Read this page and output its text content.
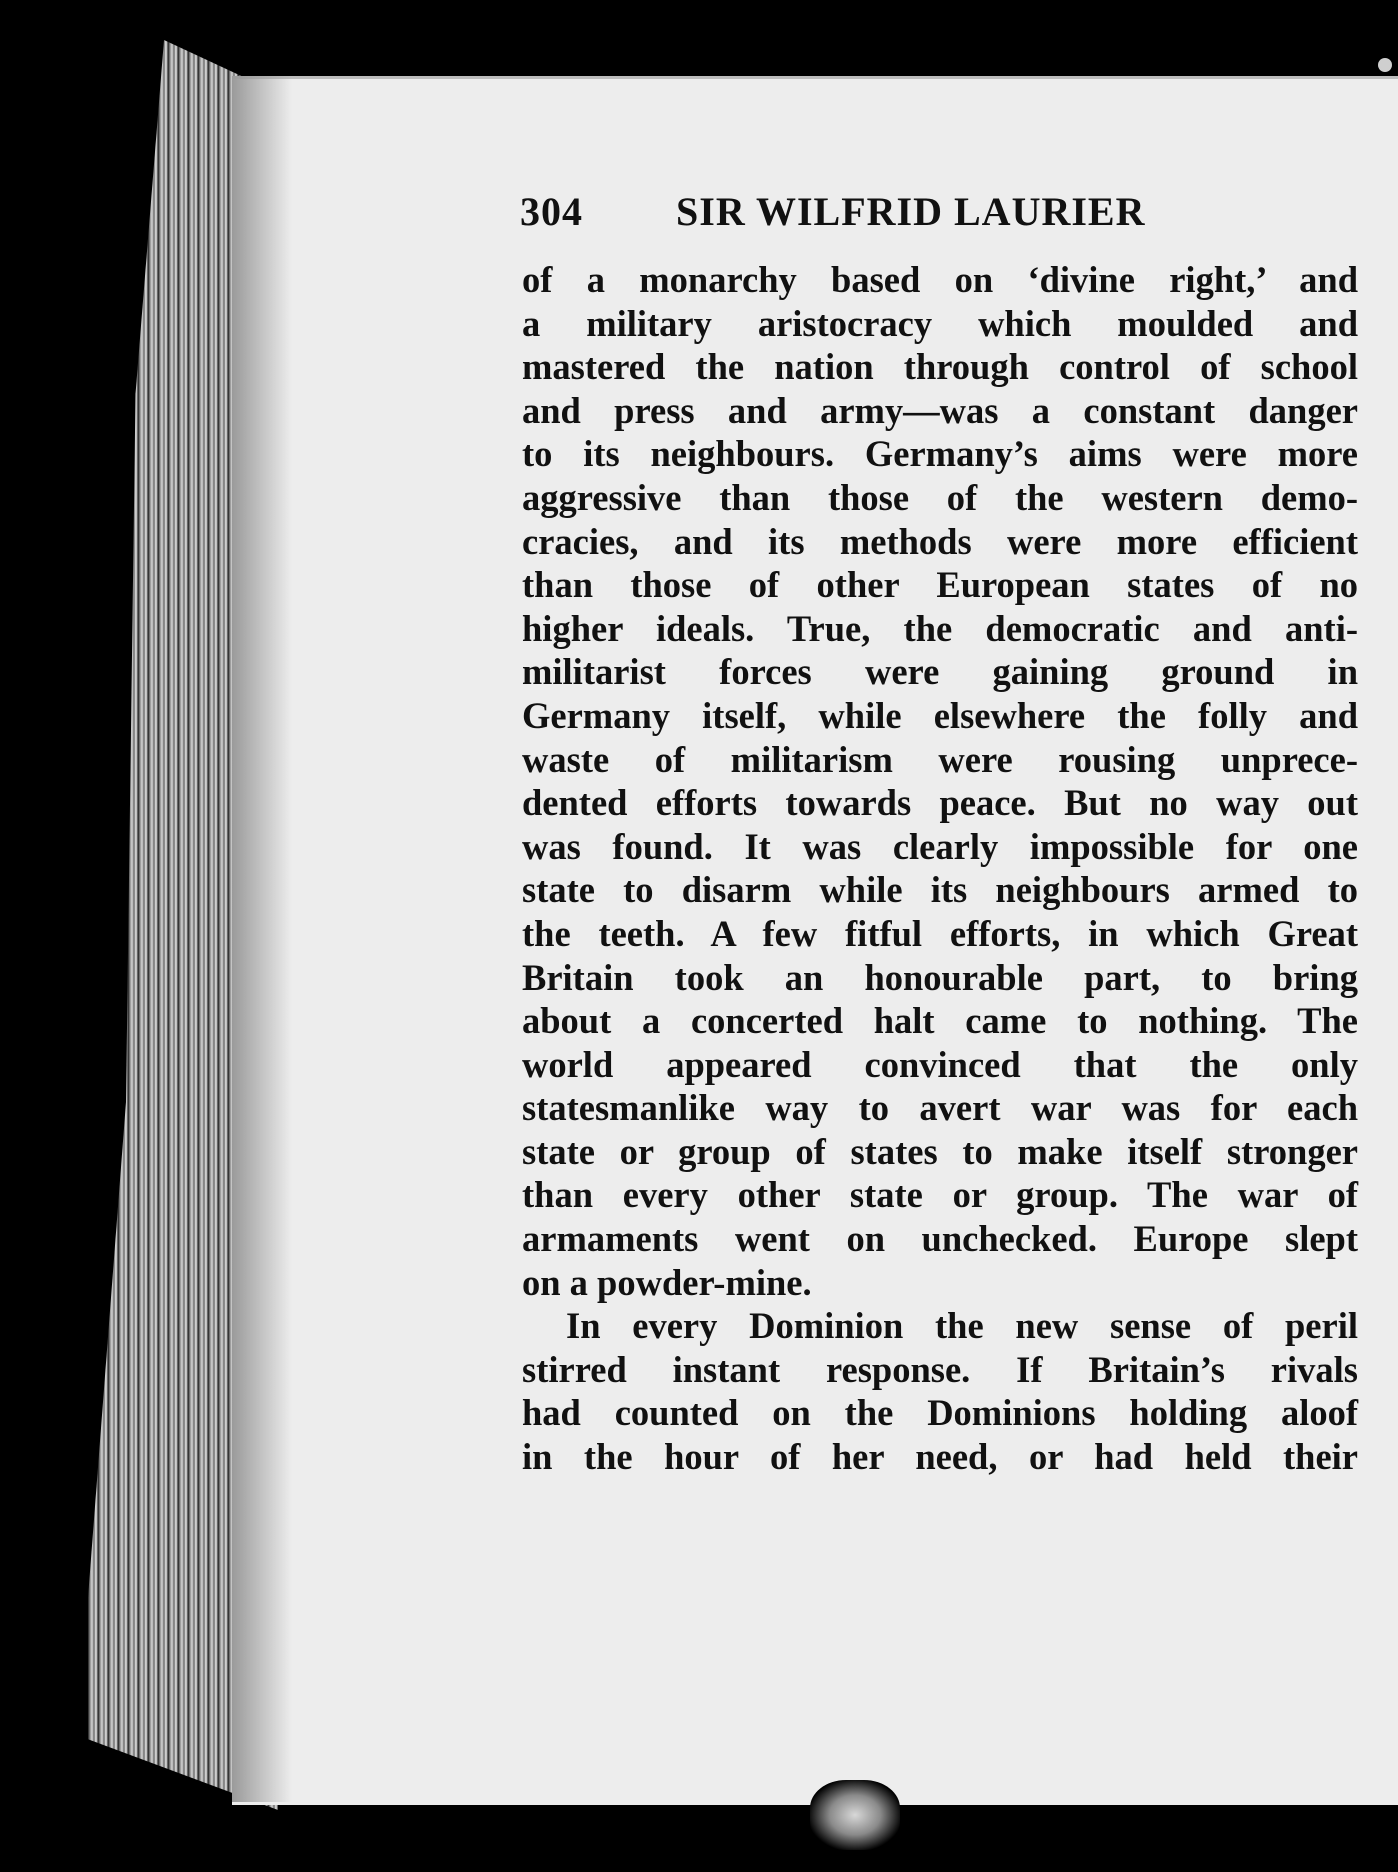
304 SIR WILFRID LAURIER
of a monarchy based on ‘divine right,’ and
a military aristocracy which moulded and
mastered the nation through control of school
and press and army—was a constant danger
to its neighbours. Germany’s aims were more
aggressive than those of the western demo-
cracies, and its methods were more efficient
than those of other European states of no
higher ideals. True, the democratic and anti-
militarist forces were gaining ground in
Germany itself, while elsewhere the folly and
waste of militarism were rousing unprece-
dented efforts towards peace. But no way out
was found. It was clearly impossible for one
state to disarm while its neighbours armed to
the teeth. A few fitful efforts, in which Great
Britain took an honourable part, to bring
about a concerted halt came to nothing. The
world appeared convinced that the only
statesmanlike way to avert war was for each
state or group of states to make itself stronger
than every other state or group. The war of
armaments went on unchecked. Europe slept
on a powder-mine.
In every Dominion the new sense of peril
stirred instant response. If Britain’s rivals
had counted on the Dominions holding aloof
in the hour of her need, or had held their
